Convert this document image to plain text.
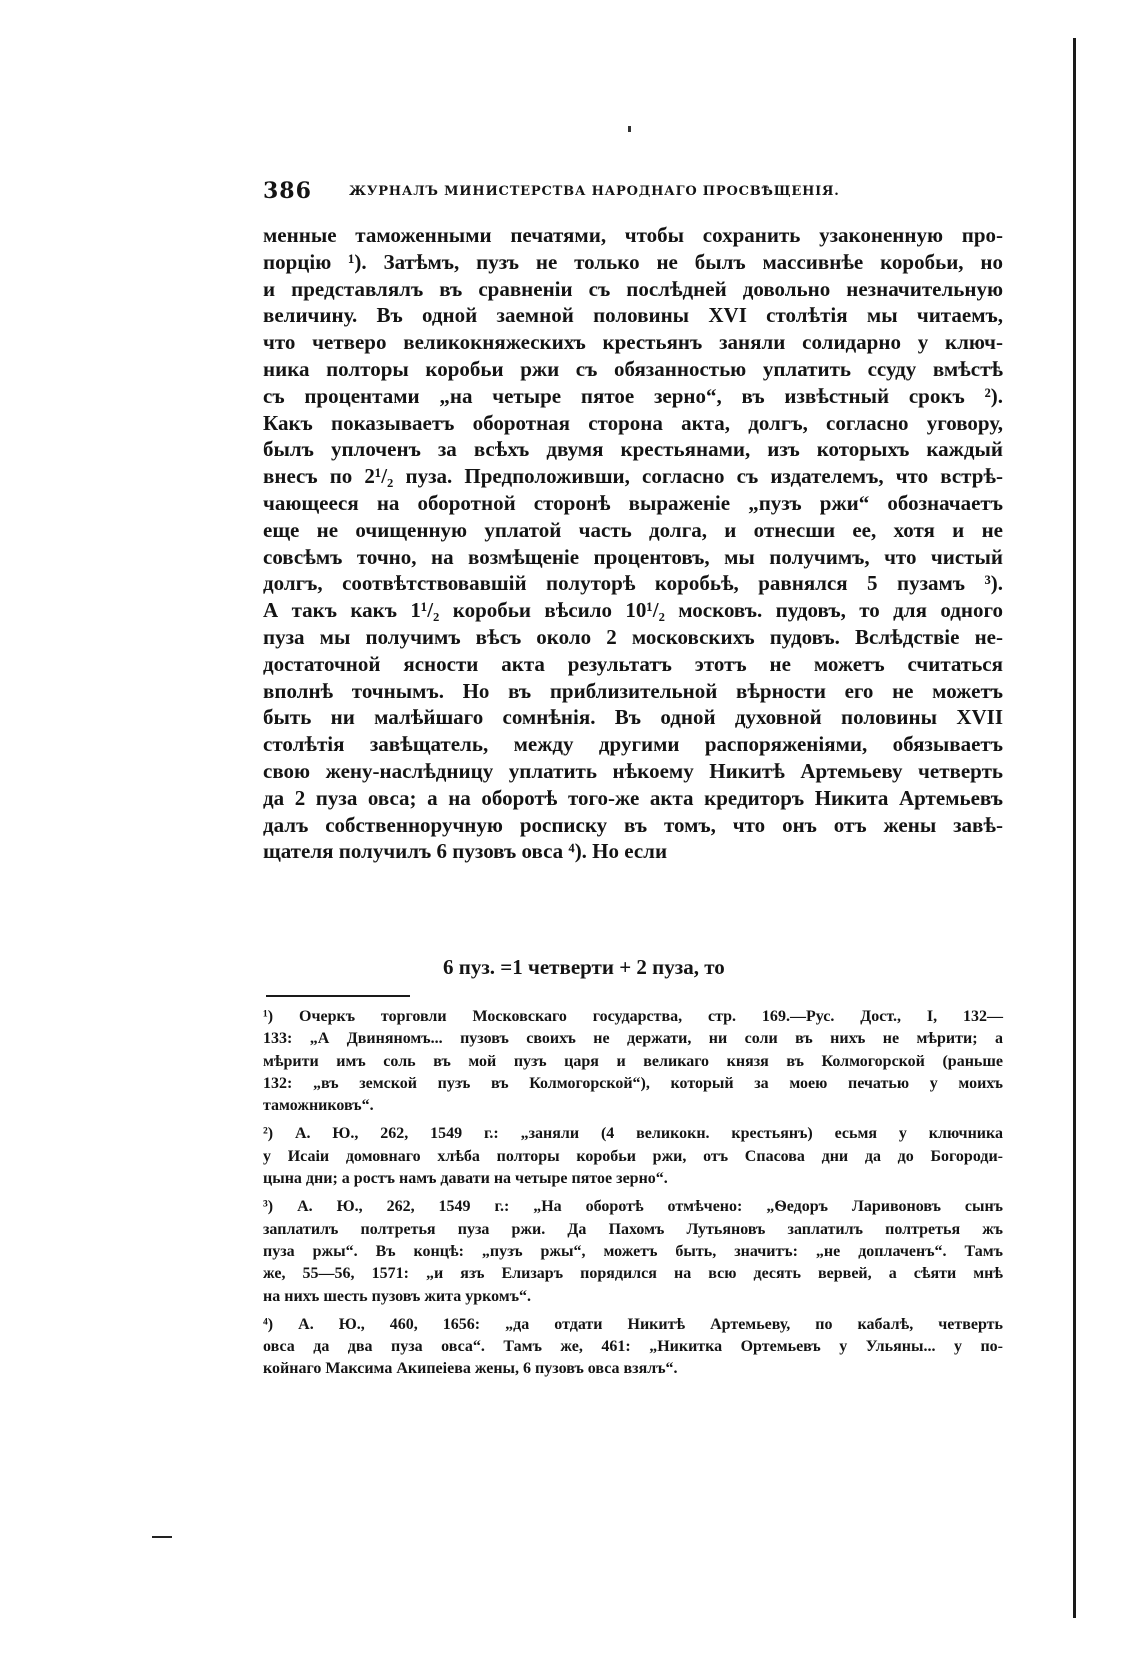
386	ЖУРНАЛЪ МИНИСТЕРСТВА НАРОДНАГО ПРОСВѢЩЕНІЯ.
менные таможенными печатями, чтобы сохранить узаконенную про-
порцію ¹). Затѣмъ, пузъ не только не былъ массивнѣе коробьи, но
и представлялъ въ сравненіи съ послѣдней довольно незначительную
величину. Въ одной заемной половины XVI столѣтія мы читаемъ,
что четверо великокняжескихъ крестьянъ заняли солидарно у ключ-
ника полторы коробьи ржи съ обязанностью уплатить ссуду вмѣстѣ
съ процентами „на четыре пятое зерно“, въ извѣстный срокъ ²).
Какъ показываетъ оборотная сторона акта, долгъ, согласно уговору,
былъ уплоченъ за всѣхъ двумя крестьянами, изъ которыхъ каждый
внесъ по 2¹/₂ пуза. Предположивши, согласно съ издателемъ, что встрѣ-
чающееся на оборотной сторонѣ выраженіе „пузъ ржи“ обозначаетъ
еще не очищенную уплатой часть долга, и отнесши ее, хотя и не
совсѣмъ точно, на возмѣщеніе процентовъ, мы получимъ, что чистый
долгъ, соотвѣтствовавшій полуторѣ коробьѣ, равнялся 5 пузамъ ³).
А такъ какъ 1¹/₂ коробьи вѣсило 10¹/₂ московъ. пудовъ, то для одного
пуза мы получимъ вѣсъ около 2 московскихъ пудовъ. Вслѣдствіе не-
достаточной ясности акта результатъ этотъ не можетъ считаться
вполнѣ точнымъ. Но въ приблизительной вѣрности его не можетъ
быть ни малѣйшаго сомнѣнія. Въ одной духовной половины XVII
столѣтія завѣщатель, между другими распоряженіями, обязываетъ
свою жену-наслѣдницу уплатить нѣкоему Никитѣ Артемьеву четверть
да 2 пуза овса; а на оборотѣ того-же акта кредиторъ Никита Артемьевъ
далъ собственноручную росписку въ томъ, что онъ отъ жены завѣ-
щателя получилъ 6 пузовъ овса ⁴). Но если
6 пуз. =1 четверти + 2 пуза, то
¹) Очеркъ торговли Московскаго государства, стр. 169.—Рус. Дост., I, 132—
133: „А Двиняномъ... пузовъ своихъ не держати, ни соли въ нихъ не мѣрити; а
мѣрити имъ соль въ мой пузъ царя и великаго князя въ Колмогорской (раньше
132: „въ земской пузъ въ Колмогорской“), который за моею печатью у моихъ
таможниковъ“.
²) А. Ю., 262, 1549 г.: „заняли (4 великокн. крестьянъ) есьмя у ключника
у Исаіи домовнаго хлѣба полторы коробьи ржи, отъ Спасова дни да до Богороди-
цына дни; а ростъ намъ давати на четыре пятое зерно“.
³) А. Ю., 262, 1549 г.: „На оборотѣ отмѣчено: „Ѳедоръ Ларивоновъ сынъ
заплатилъ полтретья пуза ржи. Да Пахомъ Лутьяновъ заплатилъ полтретья жъ
пуза ржы“. Въ концѣ: „пузъ ржы“, можетъ быть, значитъ: „не доплаченъ“. Тамъ
же, 55—56, 1571: „и язъ Елизаръ порядился на всю десять вервей, а сѣяти мнѣ
на нихъ шесть пузовъ жита уркомъ“.
⁴) А. Ю., 460, 1656: „да отдати Никитѣ Артемьеву, по кабалѣ, четверть
овса да два пуза овса“. Тамъ же, 461: „Никитка Ортемьевъ у Ульяны... у по-
койнаго Максима Акипеіева жены, 6 пузовъ овса взялъ“.
